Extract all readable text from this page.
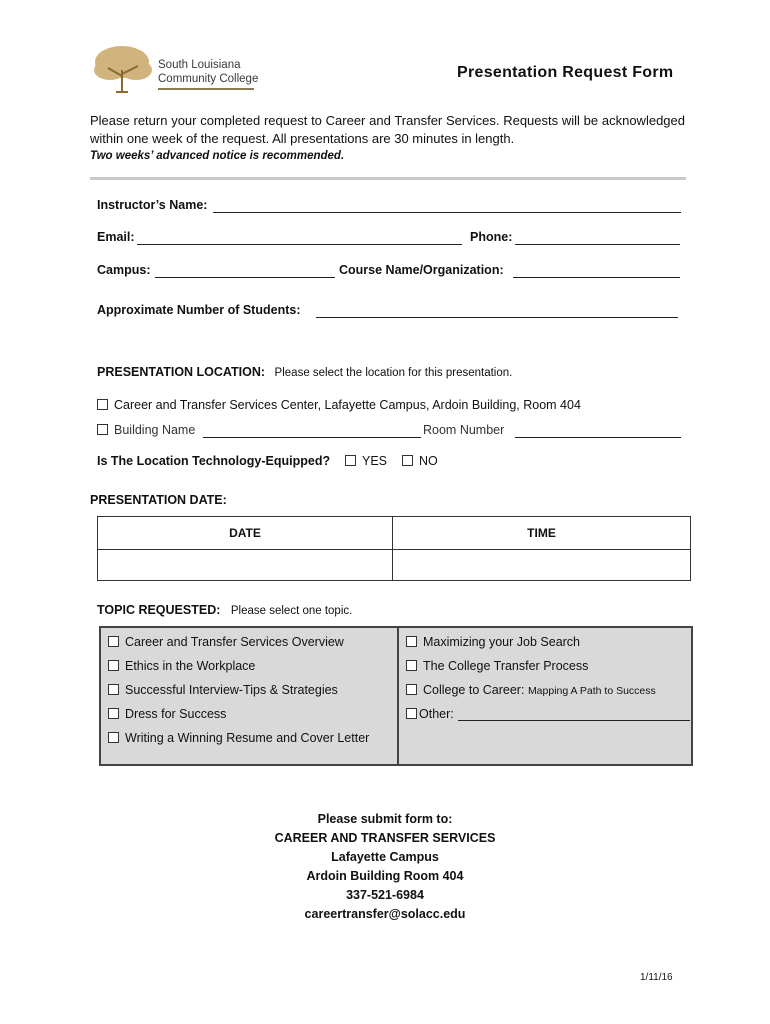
South Louisiana
Community College	Presentation Request Form
Please return your completed request to Career and Transfer Services. Requests will be acknowledged within one week of the request. All presentations are 30 minutes in length.
Two weeks’ advanced notice is recommended.
Instructor’s Name:
Email:	Phone:
Campus:	Course Name/Organization:
Approximate Number of Students:
PRESENTATION LOCATION: Please select the location for this presentation.
Career and Transfer Services Center, Lafayette Campus, Ardoin Building, Room 404
Building Name	Room Number
Is The Location Technology-Equipped?	YES	NO
PRESENTATION DATE:
DATE	TIME

TOPIC REQUESTED: Please select one topic.
Career and Transfer Services Overview
Ethics in the Workplace
Successful Interview-Tips & Strategies
Dress for Success
Writing a Winning Resume and Cover Letter
Maximizing your Job Search
The College Transfer Process
College to Career: Mapping A Path to Success
Other:
Please submit form to:
CAREER AND TRANSFER SERVICES
Lafayette Campus
Ardoin Building Room 404
337-521-6984
careertransfer@solacc.edu
1/11/16
